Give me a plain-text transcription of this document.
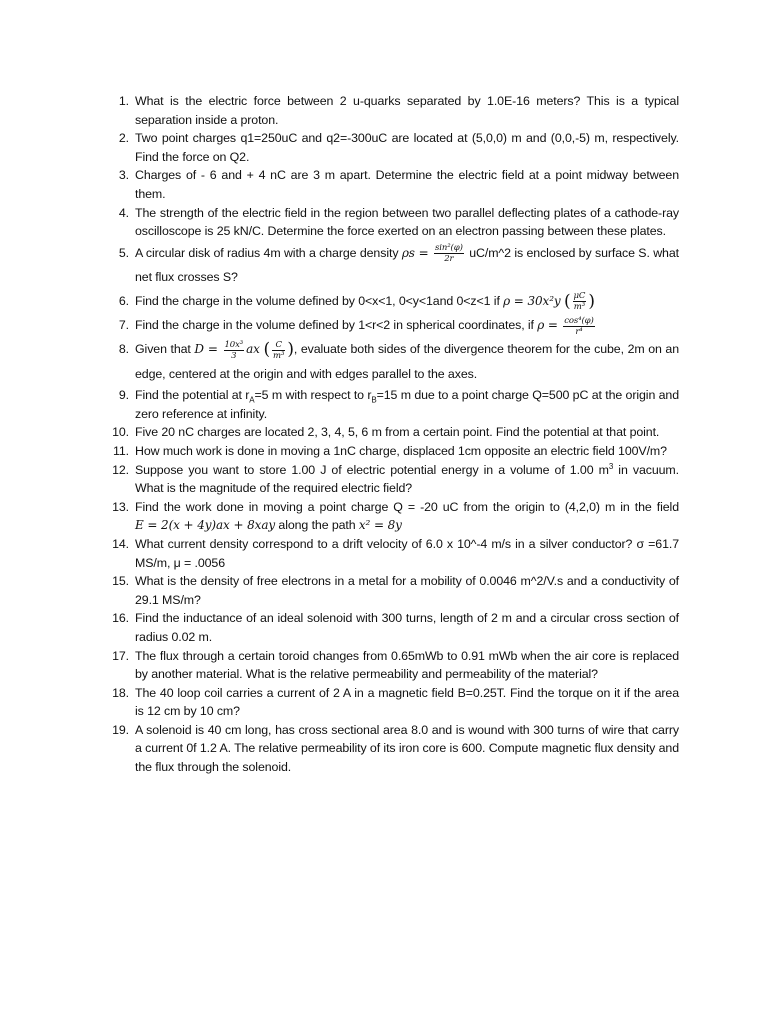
1. What is the electric force between 2 u-quarks separated by 1.0E-16 meters? This is a typical separation inside a proton.
2. Two point charges q1=250uC and q2=-300uC are located at (5,0,0) m and (0,0,-5) m, respectively. Find the force on Q2.
3. Charges of - 6 and + 4 nC are 3 m apart. Determine the electric field at a point midway between them.
4. The strength of the electric field in the region between two parallel deflecting plates of a cathode-ray oscilloscope is 25 kN/C. Determine the force exerted on an electron passing between these plates.
5. A circular disk of radius 4m with a charge density $\rho s = \frac{\text{sin²(φ)}}{2r}$ uC/m^2 is enclosed by surface S. what net flux crosses S?
6. Find the charge in the volume defined by 0<x<1, 0<y<1and 0<z<1 if ρ = 30x²y ( $\frac{\mu C}{\text{m³}}$ )
7. Find the charge in the volume defined by 1<r<2 in spherical coordinates, if $\rho = \frac{\text{cos⁴(φ)}}{\text{r⁴}}$
8. Given that $D = \frac{\text{10x³}}{3}$ ax ( $\frac{C}{\text{m³}}$ ), evaluate both sides of the divergence theorem for the cube, 2m on an edge, centered at the origin and with edges parallel to the axes.
9. Find the potential at $r_A=5$ m with respect to $r_B=15$ m due to a point charge Q=500 pC at the origin and zero reference at infinity.
10. Five 20 nC charges are located 2, 3, 4, 5, 6 m from a certain point. Find the potential at that point.
11. How much work is done in moving a 1nC charge, displaced 1cm opposite an electric field 100V/m?
12. Suppose you want to store 1.00 J of electric potential energy in a volume of 1.00 $m^3$ in vacuum. What is the magnitude of the required electric field?
13. Find the work done in moving a point charge Q = -20 uC from the origin to (4,2,0) m in the field E = 2(x + 4y)ax + 8xay along the path x² = 8y
14. What current density correspond to a drift velocity of 6.0 x 10^-4 m/s in a silver conductor? σ =61.7 MS/m, μ = .0056
15. What is the density of free electrons in a metal for a mobility of 0.0046 m^2/V.s and a conductivity of 29.1 MS/m?
16. Find the inductance of an ideal solenoid with 300 turns, length of 2 m and a circular cross section of radius 0.02 m.
17. The flux through a certain toroid changes from 0.65mWb to 0.91 mWb when the air core is replaced by another material. What is the relative permeability and permeability of the material?
18. The 40 loop coil carries a current of 2 A in a magnetic field B=0.25T. Find the torque on it if the area is 12 cm by 10 cm?
19. A solenoid is 40 cm long, has cross sectional area 8.0 and is wound with 300 turns of wire that carry a current 0f 1.2 A. The relative permeability of its iron core is 600. Compute magnetic flux density and the flux through the solenoid.
